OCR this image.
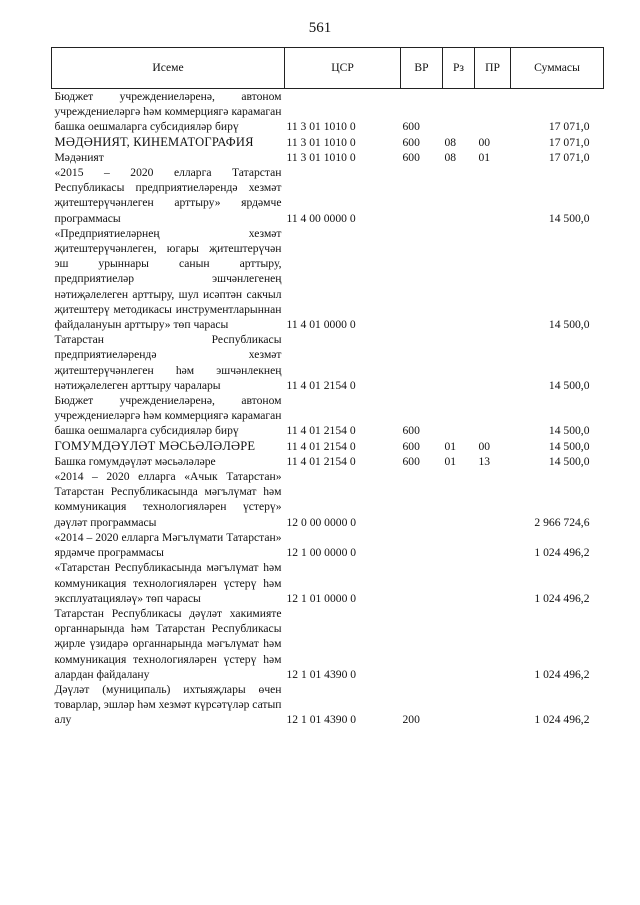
561
Исеме	ЦСР	ВР	Рз	ПР	Суммасы
Бюджет учреждениеләренә, автоном учреждениеләргә һәм коммерциягә карамаган башка оешмаларга субсидияләр бирү	11 3 01 1010 0	600			17 071,0
МӘДӘНИЯТ, КИНЕМАТОГРАФИЯ	11 3 01 1010 0	600	08	00	17 071,0
Мәдәният	11 3 01 1010 0	600	08	01	17 071,0
«2015 – 2020 елларга Татарстан Республикасы предприятиеләрендә хезмәт җитештерүчәнлеген арттыру» ярдәмче программасы	11 4 00 0000 0				14 500,0
«Предприятиеләрнең хезмәт җитештерүчәнлеген, югары җитештерүчән эш урыннары санын арттыру, предприятиеләр эшчәнлегенең нәтиҗәлелеген арттыру, шул исәптән сакчыл җитештерү методикасы инструментларыннан файдалануын арттыру» төп чарасы	11 4 01 0000 0				14 500,0
Татарстан Республикасы предприятиеләрендә хезмәт җитештерүчәнлеген һәм эшчәнлекнең нәтиҗәлелеген арттыру чаралары	11 4 01 2154 0				14 500,0
Бюджет учреждениеләренә, автоном учреждениеләргә һәм коммерциягә карамаган башка оешмаларга субсидияләр бирү	11 4 01 2154 0	600			14 500,0
ГОМУМДӘҮЛӘТ МӘСЬӘЛӘЛӘРЕ	11 4 01 2154 0	600	01	00	14 500,0
Башка гомумдәүләт мәсьәләләре	11 4 01 2154 0	600	01	13	14 500,0
«2014 – 2020 елларга «Ачык Татарстан» Татарстан Республикасында мәгълүмат һәм коммуникация технологияләрен үстерү» дәүләт программасы	12 0 00 0000 0				2 966 724,6
«2014 – 2020 елларга Мәгълүмати Татарстан» ярдәмче программасы	12 1 00 0000 0				1 024 496,2
«Татарстан Республикасында мәгълүмат һәм коммуникация технологияләрен үстерү һәм эксплуатацияләү» төп чарасы	12 1 01 0000 0				1 024 496,2
Татарстан Республикасы дәүләт хакимияте органнарында һәм Татарстан Республикасы җирле үзидарә органнарында мәгълүмат һәм коммуникация технологияләрен үстерү һәм алардан файдалану	12 1 01 4390 0				1 024 496,2
Дәүләт (муниципаль) ихтыяҗлары өчен товарлар, эшләр һәм хезмәт күрсәтүләр сатып алу	12 1 01 4390 0	200			1 024 496,2
